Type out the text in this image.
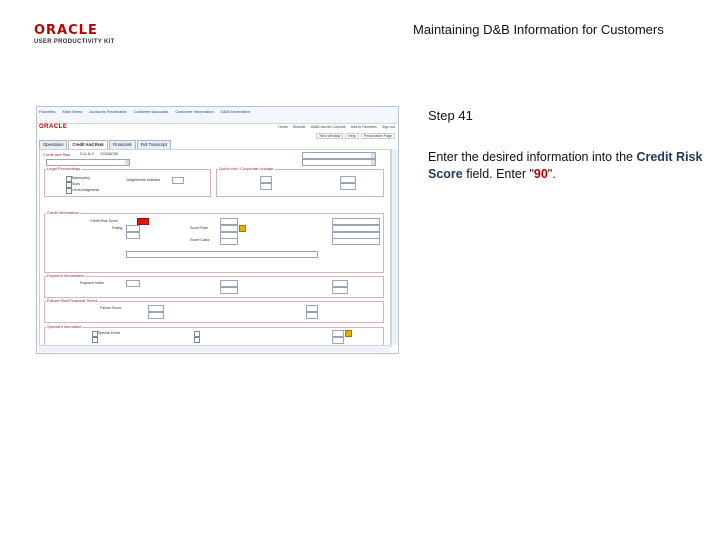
ORACLE
USER PRODUCTIVITY KIT
Maintaining D&B Information for Customers
Step 41
Enter the desired information into the Credit Risk Score field. Enter "90".
Favorites Main Menu Accounts Receivable Customer Accounts Customer Information D&B Information
ORACLE	Home Worklist MultiChannel Console Add to Favorites Sign out
New Window Help Personalize Page
Operations Credit And Risk Financials Full Transcript
Credit and Risk	D-U-N-S 123456789
Legal Proceedings
Bankruptcy
Suits
Liens/Judgments
Judgements Indicator
Quick Info / Corporate Linkage
Credit Information
Credit Risk Score
Rating	Score Rate
Score Class
Payment Information
Payment Index
Failure Risk/Financial Stress
Failure Score
Special Information
Special Event
